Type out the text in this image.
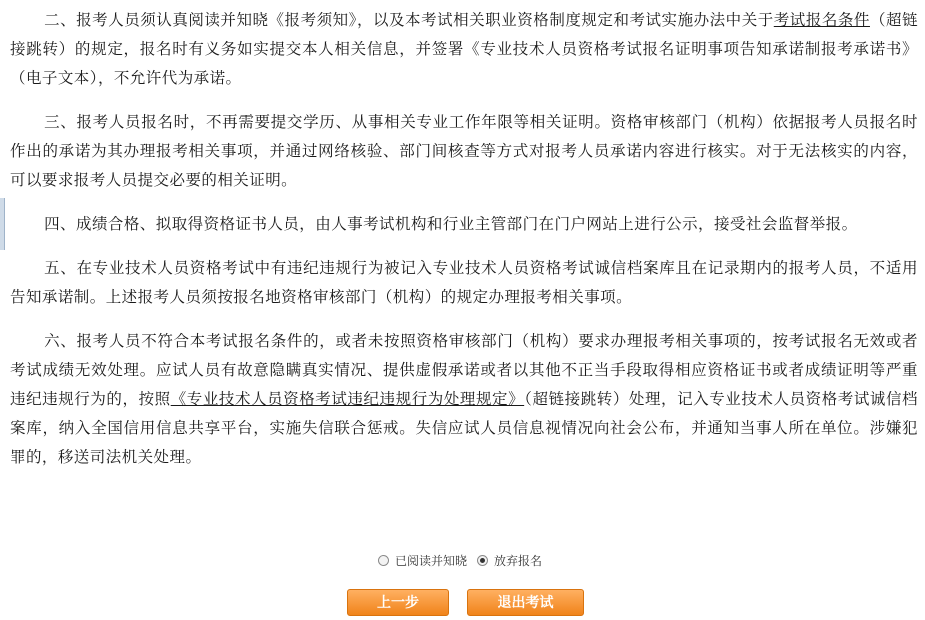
二、报考人员须认真阅读并知晓《报考须知》，以及本考试相关职业资格制度规定和考试实施办法中关于考试报名条件（超链接跳转）的规定，报名时有义务如实提交本人相关信息，并签署《专业技术人员资格考试报名证明事项告知承诺制报考承诺书》（电子文本），不允许代为承诺。

三、报考人员报名时，不再需要提交学历、从事相关专业工作年限等相关证明。资格审核部门（机构）依据报考人员报名时作出的承诺为其办理报考相关事项，并通过网络核验、部门间核查等方式对报考人员承诺内容进行核实。对于无法核实的内容，可以要求报考人员提交必要的相关证明。

四、成绩合格、拟取得资格证书人员，由人事考试机构和行业主管部门在门户网站上进行公示，接受社会监督举报。

五、在专业技术人员资格考试中有违纪违规行为被记入专业技术人员资格考试诚信档案库且在记录期内的报考人员，不适用告知承诺制。上述报考人员须按报名地资格审核部门（机构）的规定办理报考相关事项。

六、报考人员不符合本考试报名条件的，或者未按照资格审核部门（机构）要求办理报考相关事项的，按考试报名无效或者考试成绩无效处理。应试人员有故意隐瞒真实情况、提供虚假承诺或者以其他不正当手段取得相应资格证书或者成绩证明等严重违纪违规行为的，按照《专业技术人员资格考试违纪违规行为处理规定》（超链接跳转）处理，记入专业技术人员资格考试诚信档案库，纳入全国信用信息共享平台，实施失信联合惩戒。失信应试人员信息视情况向社会公布，并通知当事人所在单位。涉嫌犯罪的，移送司法机关处理。

已阅读并知晓 放弃报名
上一步	退出考试
